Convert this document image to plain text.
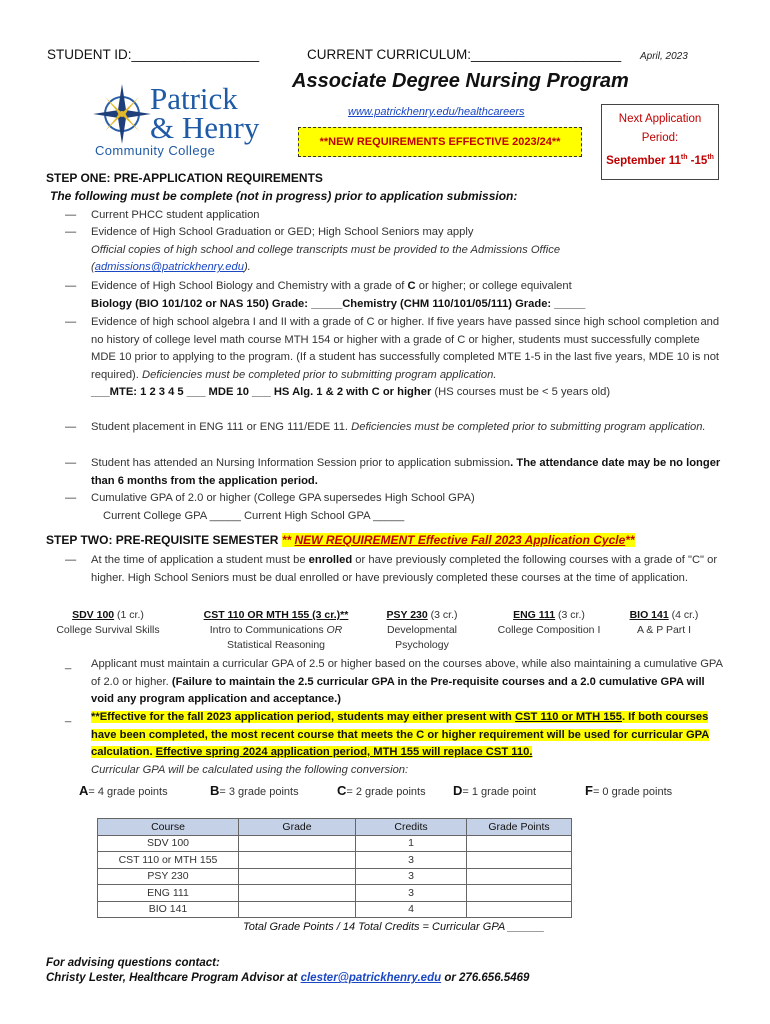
STUDENT ID:_________________	CURRENT CURRICULUM:____________________ April, 2023
Associate Degree Nursing Program
www.patrickhenry.edu/healthcareers
**NEW REQUIREMENTS EFFECTIVE 2023/24**
Next Application
Period:
September 11th -15th
Patrick
& Henry
Community College
STEP ONE: PRE-APPLICATION REQUIREMENTS
The following must be complete (not in progress) prior to application submission:
— Current PHCC student application
— Evidence of High School Graduation or GED; High School Seniors may apply
Official copies of high school and college transcripts must be provided to the Admissions Office
(admissions@patrickhenry.edu).
— Evidence of High School Biology and Chemistry with a grade of C or higher; or college equivalent
Biology (BIO 101/102 or NAS 150) Grade: _____Chemistry (CHM 110/101/05/111) Grade: _____
— Evidence of high school algebra I and II with a grade of C or higher. If five years have passed since high school completion and no history of college level math course MTH 154 or higher with a grade of C or higher, students must successfully complete MDE 10 prior to applying to the program. (If a student has successfully completed MTE 1-5 in the last five years, MDE 10 is not required). Deficiencies must be completed prior to submitting program application.
___MTE: 1 2 3 4 5 ___ MDE 10 ___ HS Alg. 1 & 2 with C or higher (HS courses must be < 5 years old)
— Student placement in ENG 111 or ENG 111/EDE 11. Deficiencies must be completed prior to submitting program application.
— Student has attended an Nursing Information Session prior to application submission. The attendance date may be no longer than 6 months from the application period.
— Cumulative GPA of 2.0 or higher (College GPA supersedes High School GPA)
Current College GPA _____ Current High School GPA _____
STEP TWO: PRE-REQUISITE SEMESTER ** NEW REQUIREMENT Effective Fall 2023 Application Cycle**
— At the time of application a student must be enrolled or have previously completed the following courses with a grade of "C" or higher. High School Seniors must be dual enrolled or have previously completed these courses at the time of application.
SDV 100 (1 cr.)
College Survival Skills
CST 110 OR MTH 155 (3 cr.)**
Intro to Communications OR
Statistical Reasoning
PSY 230 (3 cr.)
Developmental
Psychology
ENG 111 (3 cr.)
College Composition I
BIO 141 (4 cr.)
A & P Part I
_ Applicant must maintain a curricular GPA of 2.5 or higher based on the courses above, while also maintaining a cumulative GPA of 2.0 or higher. (Failure to maintain the 2.5 curricular GPA in the Pre-requisite courses and a 2.0 cumulative GPA will void any program application and acceptance.)
_ **Effective for the fall 2023 application period, students may either present with CST 110 or MTH 155. If both courses have been completed, the most recent course that meets the C or higher requirement will be used for curricular GPA calculation. Effective spring 2024 application period, MTH 155 will replace CST 110.
Curricular GPA will be calculated using the following conversion:
A= 4 grade points	B= 3 grade points	C= 2 grade points D= 1 grade point	F= 0 grade points
Course	Grade	Credits	Grade Points
SDV 100		1	
CST 110 or MTH 155		3	
PSY 230		3	
ENG 111		3	
BIO 141		4	
Total Grade Points / 14 Total Credits = Curricular GPA ______
For advising questions contact:
Christy Lester, Healthcare Program Advisor at clester@patrickhenry.edu or 276.656.5469
